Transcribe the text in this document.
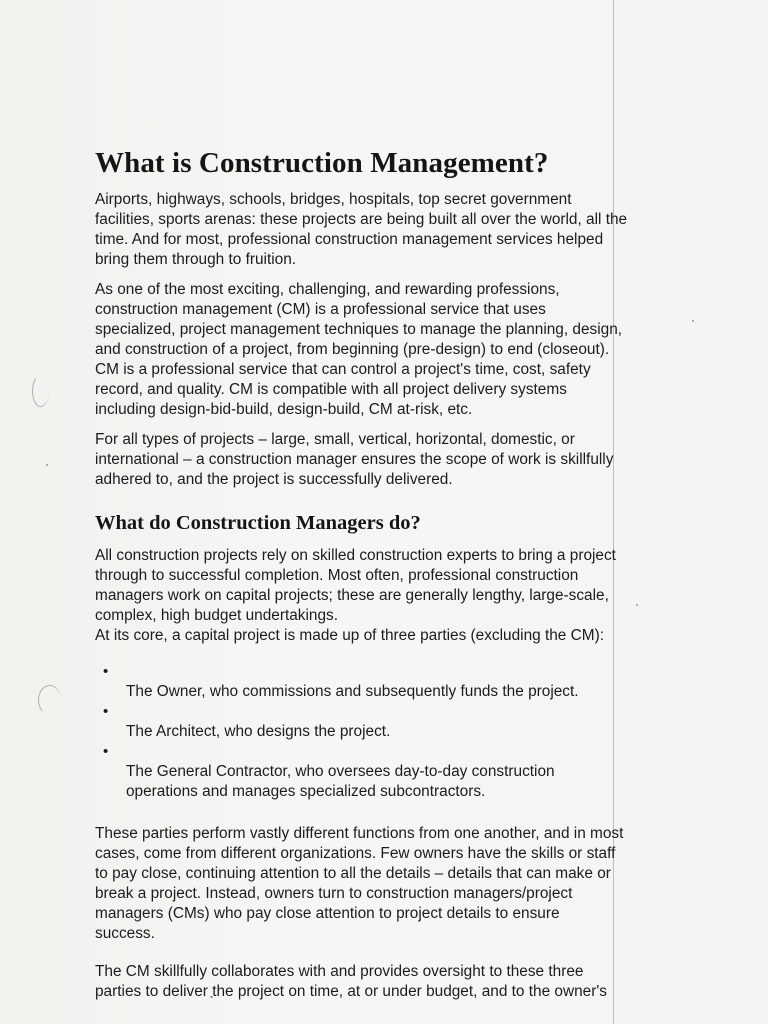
What is Construction Management?

Airports, highways, schools, bridges, hospitals, top secret government
facilities, sports arenas: these projects are being built all over the world, all the
time. And for most, professional construction management services helped
bring them through to fruition.

As one of the most exciting, challenging, and rewarding professions,
construction management (CM) is a professional service that uses
specialized, project management techniques to manage the planning, design,
and construction of a project, from beginning (pre-design) to end (closeout).
CM is a professional service that can control a project's time, cost, safety
record, and quality. CM is compatible with all project delivery systems
including design-bid-build, design-build, CM at-risk, etc.

For all types of projects – large, small, vertical, horizontal, domestic, or
international – a construction manager ensures the scope of work is skillfully
adhered to, and the project is successfully delivered.

What do Construction Managers do?

All construction projects rely on skilled construction experts to bring a project
through to successful completion. Most often, professional construction
managers work on capital projects; these are generally lengthy, large-scale,
complex, high budget undertakings.
At its core, a capital project is made up of three parties (excluding the CM):

•
The Owner, who commissions and subsequently funds the project.

•
The Architect, who designs the project.

•
The General Contractor, who oversees day-to-day construction
operations and manages specialized subcontractors.

These parties perform vastly different functions from one another, and in most
cases, come from different organizations. Few owners have the skills or staff
to pay close, continuing attention to all the details – details that can make or
break a project. Instead, owners turn to construction managers/project
managers (CMs) who pay close attention to project details to ensure
success.

The CM skillfully collaborates with and provides oversight to these three
parties to deliver the project on time, at or under budget, and to the owner's
